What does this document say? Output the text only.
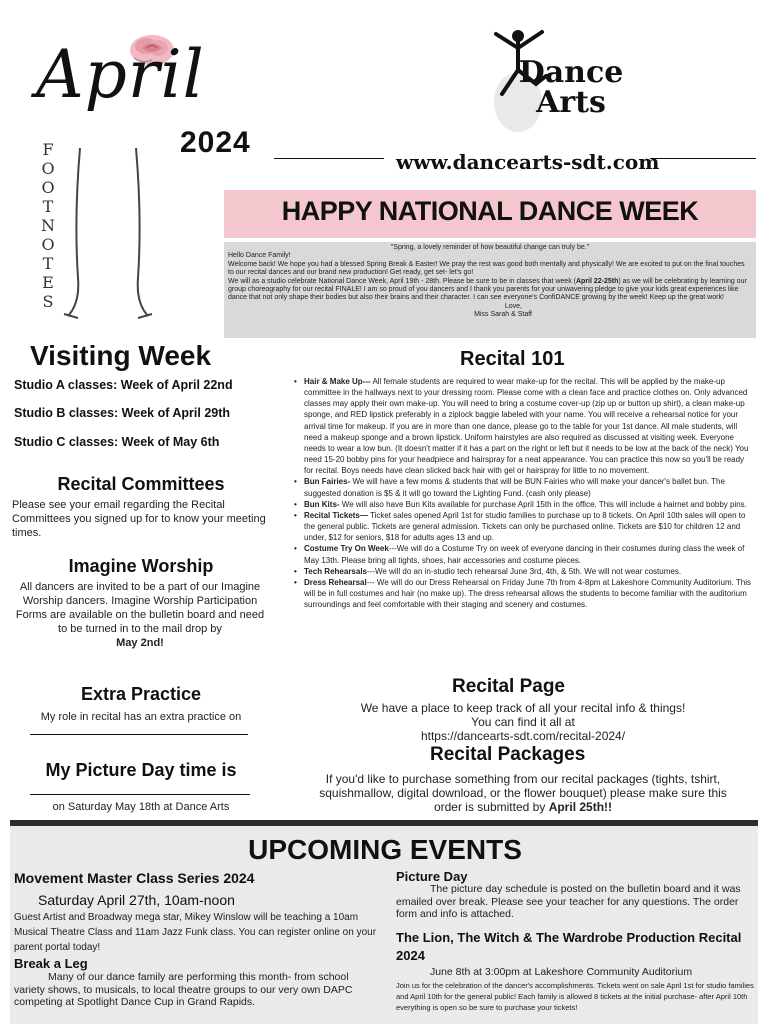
April
2024
F
O
O
T
N
O
T
E
S
Dance
Arts
www.dancearts-sdt.com
HAPPY NATIONAL DANCE WEEK
"Spring, a lovely reminder of how beautiful change can truly be."
Hello Dance Family!
Welcome back! We hope you had a blessed Spring Break & Easter! We pray the rest was good both mentally and physically! We are excited to put on the final touches to our recital dances and our brand new production! Get ready, get set- let's go!
We will as a studio celebrate National Dance Week, April 19th - 28th. Please be sure to be in classes that week (April 22-25th) as we will be celebrating by learning our group choreography for our recital FINALE! I am so proud of you dancers and I thank you parents for your unwavering pledge to give your kids great experiences like dance that not only shape their bodies but also their brains and their character. I can see everyone's ConfiDANCE growing by the week! Keep up the great work!
Love,
Miss Sarah & Staff
Visiting Week
Studio A classes: Week of April 22nd
Studio B classes: Week of April 29th
Studio C classes: Week of May 6th
Recital Committees
Please see your email regarding the Recital Committees you signed up for to know your meeting times.
Imagine Worship
All dancers are invited to be a part of our Imagine Worship dancers. Imagine Worship Participation Forms are available on the bulletin board and need to be turned in to the mail drop by
May 2nd!
Extra Practice
My role in recital has an extra practice on
My Picture Day time is
on Saturday May 18th at Dance Arts
Recital 101
• Hair & Make Up--- All female students are required to wear make-up for the recital. This will be applied by the make-up committee in the hallways next to your dressing room. Please come with a clean face and practice clothes on. Only advanced classes may apply their own make-up. You will need to bring a costume cover-up (zip up or button up shirt), a clean make-up sponge, and RED lipstick preferably in a ziplock baggie labeled with your name. You will receive a rehearsal notice for your arrival time for makeup. If you are in more than one dance, please go to the table for your 1st dance. All male students, will need a makeup sponge and a brown lipstick. Uniform hairstyles are also required as discussed at visiting week. Everyone needs to wear a low bun. (It doesn't matter if it has a part on the right or left but it needs to be low at the back of the neck) You need 15-20 bobby pins for your headpiece and hairspray for a neat appearance. You can practice this now so you'll be ready for recital. Boys needs have clean slicked back hair with gel or hairspray for little to no movement.
• Bun Fairies- We will have a few moms & students that will be BUN Fairies who will make your dancer's ballet bun. The suggested donation is $5 & it will go toward the Lighting Fund. (cash only please)
• Bun Kits- We will also have Bun Kits available for purchase April 15th in the office. This will include a hairnet and bobby pins.
• Recital Tickets— Ticket sales opened April 1st for studio families to purchase up to 8 tickets. On April 10th sales will open to the general public. Tickets are general admission. Tickets can only be purchased online. Tickets are $10 for children 12 and under, $12 for seniors, $18 for adults ages 13 and up.
• Costume Try On Week---We will do a Costume Try on week of everyone dancing in their costumes during class the week of May 13th. Please bring all tights, shoes, hair accessories and costume pieces.
• Tech Rehearsals---We will do an in-studio tech rehearsal June 3rd, 4th, & 5th. We will not wear costumes.
• Dress Rehearsal--- We will do our Dress Rehearsal on Friday June 7th from 4-8pm at Lakeshore Community Auditorium. This will be in full costumes and hair (no make up). The dress rehearsal allows the students to become familiar with the auditorium surroundings and feel comfortable with their staging and scenery and costumes.
Recital Page
We have a place to keep track of all your recital info & things!
You can find it all at
https://dancearts-sdt.com/recital-2024/
Recital Packages
If you'd like to purchase something from our recital packages (tights, tshirt, squishmallow, digital download, or the flower bouquet) please make sure this order is submitted by April 25th!!
UPCOMING EVENTS
Movement Master Class Series 2024
Saturday April 27th, 10am-noon
Guest Artist and Broadway mega star, Mikey Winslow will be teaching a 10am Musical Theatre Class and 11am Jazz Funk class. You can register online on your parent portal today!
Break a Leg
Many of our dance family are performing this month- from school variety shows, to musicals, to local theatre groups to our very own DAPC competing at Spotlight Dance Cup in Grand Rapids.
Picture Day
The picture day schedule is posted on the bulletin board and it was emailed over break. Please see your teacher for any questions. The order form and info is attached.
The Lion, The Witch & The Wardrobe Production Recital 2024
June 8th at 3:00pm at Lakeshore Community Auditorium
Join us for the celebration of the dancer's accomplishments. Tickets went on sale April 1st for studio families and April 10th for the general public! Each family is allowed 8 tickets at the initial purchase- after April 10th everything is open so be sure to purchase your tickets!
